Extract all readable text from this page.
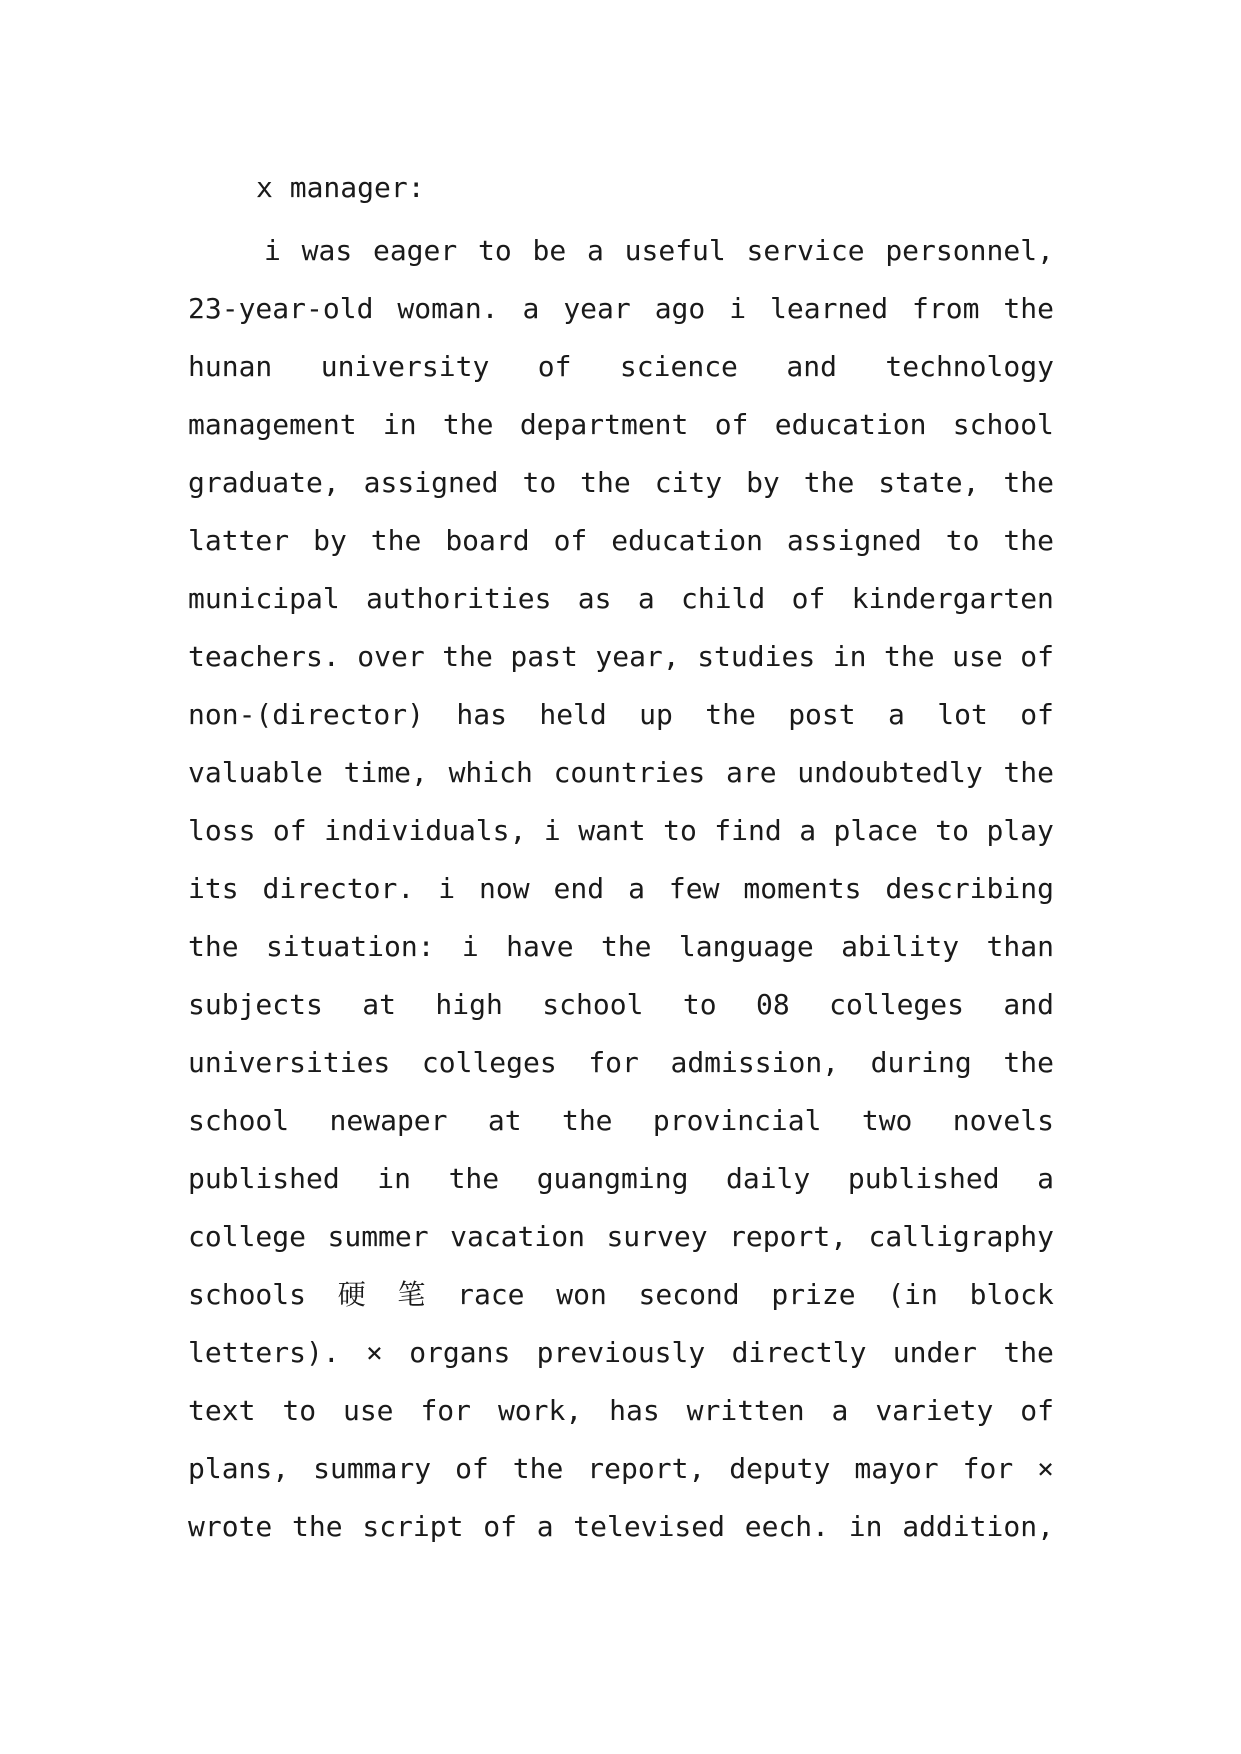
x manager:
i was eager to be a useful service personnel,
23-year-old woman. a year ago i learned from the
hunan university of science and technology
management in the department of education school
graduate, assigned to the city by the state, the
latter by the board of education assigned to the
municipal authorities as a child of kindergarten
teachers. over the past year, studies in the use of
non-(director) has held up the post a lot of
valuable time, which countries are undoubtedly the
loss of individuals, i want to find a place to play
its director. i now end a few moments describing
the situation: i have the language ability than
subjects at high school to 08 colleges and
universities colleges for admission, during the
school newaper at the provincial two novels
published in the guangming daily published a
college summer vacation survey report, calligraphy
schools 硬 笔 race won second prize (in block
letters). × organs previously directly under the
text to use for work, has written a variety of
plans, summary of the report, deputy mayor for ×
wrote the script of a televised eech. in addition,
